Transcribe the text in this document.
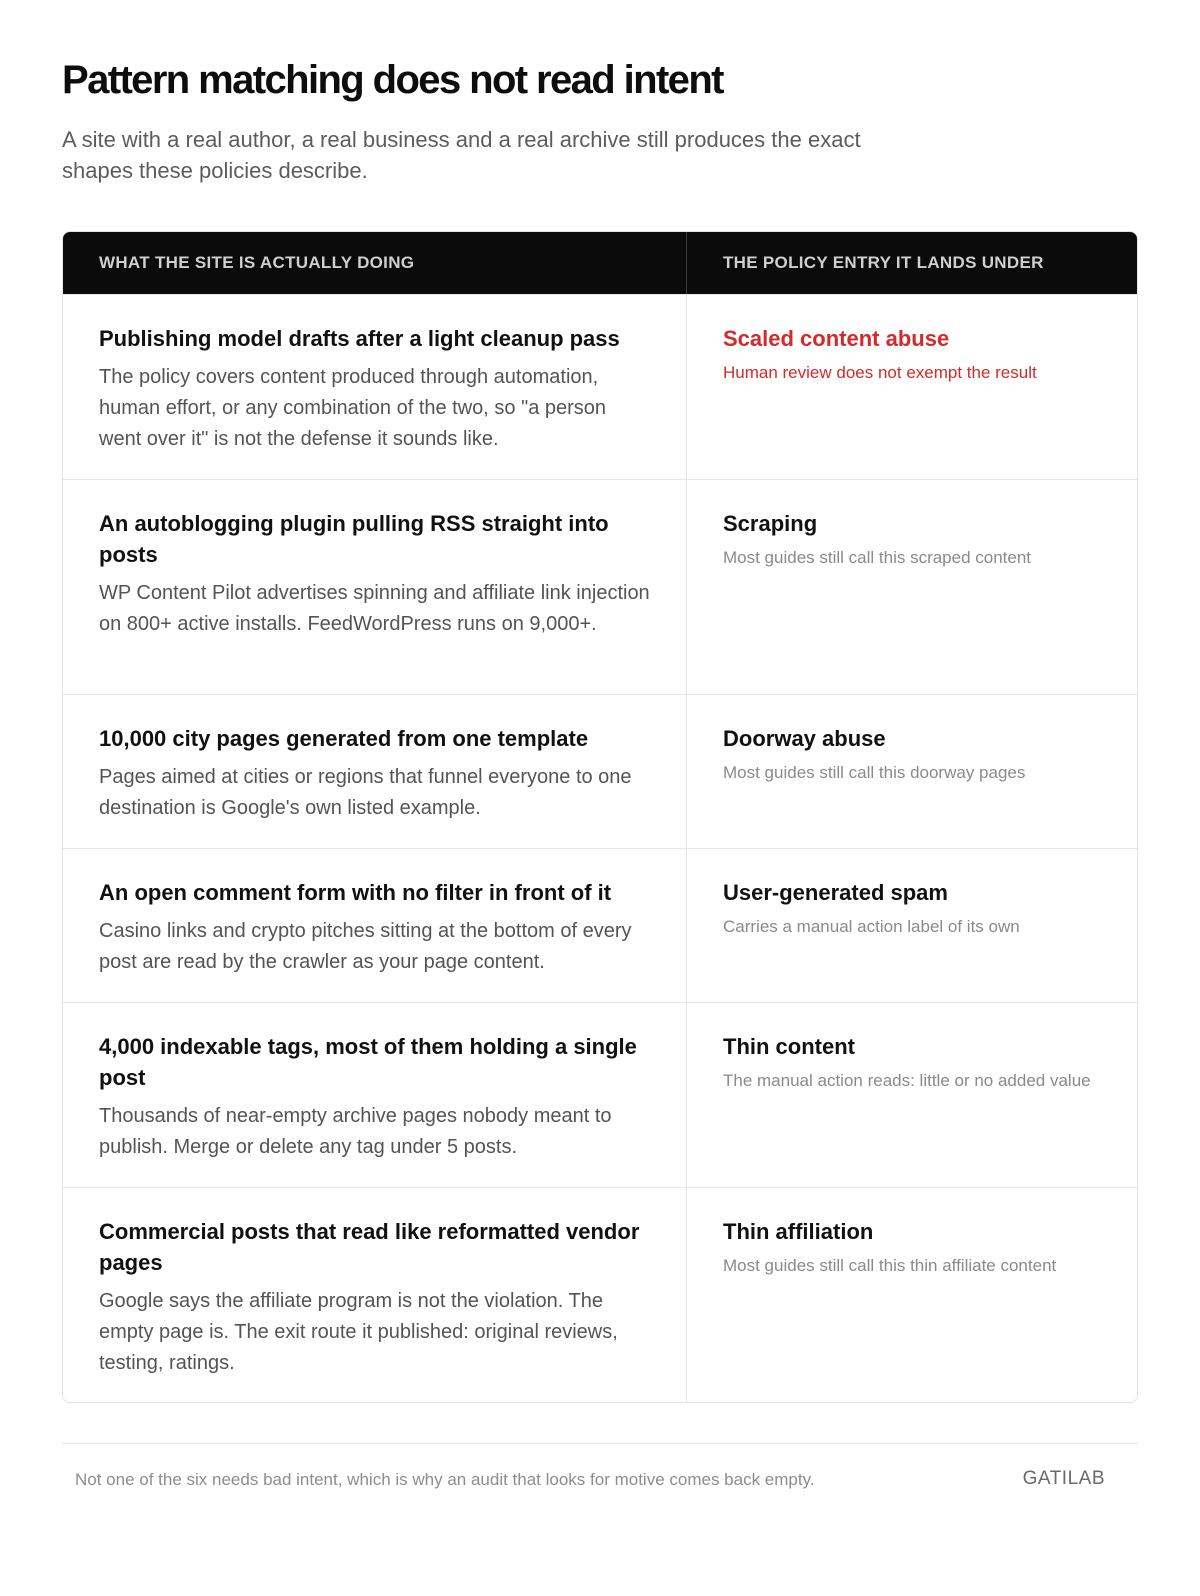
Pattern matching does not read intent

A site with a real author, a real business and a real archive still produces the exact shapes these policies describe.

WHAT THE SITE IS ACTUALLY DOING	THE POLICY ENTRY IT LANDS UNDER
Publishing model drafts after a light cleanup pass
The policy covers content produced through automation, human effort, or any combination of the two, so "a person went over it" is not the defense it sounds like.
Scaled content abuse
Human review does not exempt the result
An autoblogging plugin pulling RSS straight into posts
WP Content Pilot advertises spinning and affiliate link injection on 800+ active installs. FeedWordPress runs on 9,000+.
Scraping
Most guides still call this scraped content
10,000 city pages generated from one template
Pages aimed at cities or regions that funnel everyone to one destination is Google's own listed example.
Doorway abuse
Most guides still call this doorway pages
An open comment form with no filter in front of it
Casino links and crypto pitches sitting at the bottom of every post are read by the crawler as your page content.
User-generated spam
Carries a manual action label of its own
4,000 indexable tags, most of them holding a single post
Thousands of near-empty archive pages nobody meant to publish. Merge or delete any tag under 5 posts.
Thin content
The manual action reads: little or no added value
Commercial posts that read like reformatted vendor pages
Google says the affiliate program is not the violation. The empty page is. The exit route it published: original reviews, testing, ratings.
Thin affiliation
Most guides still call this thin affiliate content
Not one of the six needs bad intent, which is why an audit that looks for motive comes back empty.	GATILAB
